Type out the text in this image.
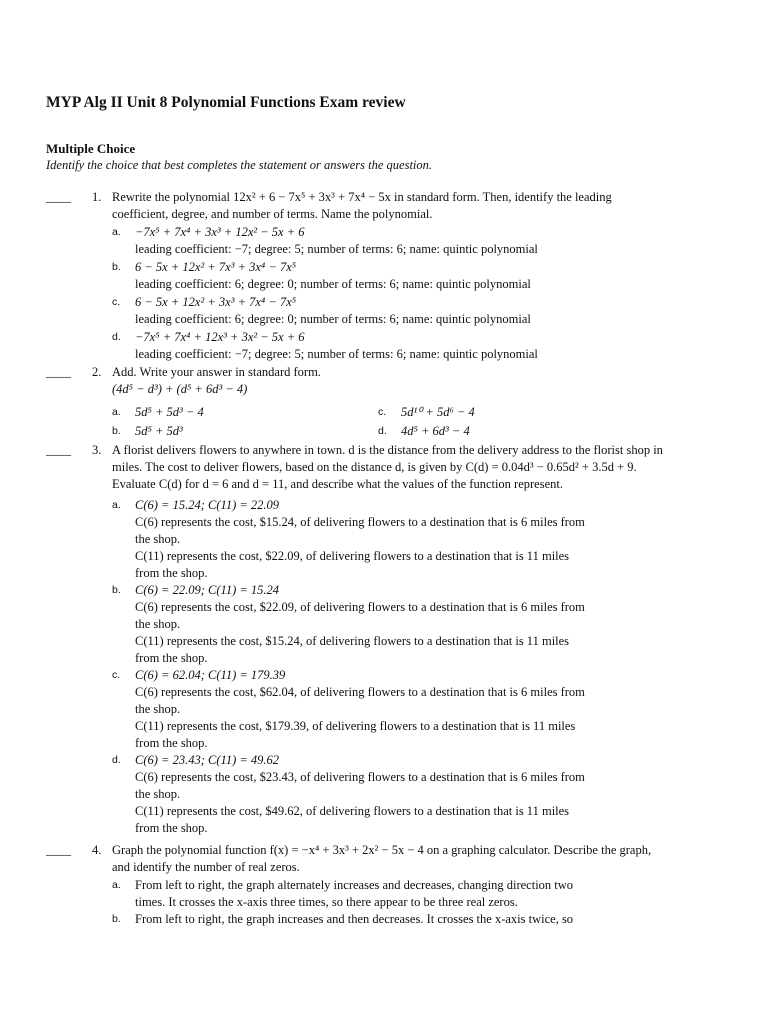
MYP Alg II Unit 8 Polynomial Functions Exam review
Multiple Choice
Identify the choice that best completes the statement or answers the question.
____ 1. Rewrite the polynomial 12x² + 6 − 7x⁵ + 3x³ + 7x⁴ − 5x in standard form. Then, identify the leading
coefficient, degree, and number of terms. Name the polynomial.
a. −7x⁵ + 7x⁴ + 3x³ + 12x² − 5x + 6
leading coefficient: −7; degree: 5; number of terms: 6; name: quintic polynomial
b. 6 − 5x + 12x² + 7x³ + 3x⁴ − 7x⁵
leading coefficient: 6; degree: 0; number of terms: 6; name: quintic polynomial
c. 6 − 5x + 12x² + 3x³ + 7x⁴ − 7x⁵
leading coefficient: 6; degree: 0; number of terms: 6; name: quintic polynomial
d. −7x⁵ + 7x⁴ + 12x³ + 3x² − 5x + 6
leading coefficient: −7; degree: 5; number of terms: 6; name: quintic polynomial
____ 2. Add. Write your answer in standard form.
(4d⁵ − d³) + (d⁵ + 6d³ − 4)
a. 5d⁵ + 5d³ − 4
b. 5d⁵ + 5d³
c. 5d¹⁰ + 5d⁶ − 4
d. 4d⁵ + 6d³ − 4
____ 3. A florist delivers flowers to anywhere in town. d is the distance from the delivery address to the florist shop in
miles. The cost to deliver flowers, based on the distance d, is given by C(d) = 0.04d³ − 0.65d² + 3.5d + 9.
Evaluate C(d) for d = 6 and d = 11, and describe what the values of the function represent.
a. C(6) = 15.24; C(11) = 22.09
C(6) represents the cost, $15.24, of delivering flowers to a destination that is 6 miles from
the shop.
C(11) represents the cost, $22.09, of delivering flowers to a destination that is 11 miles
from the shop.
b. C(6) = 22.09; C(11) = 15.24
C(6) represents the cost, $22.09, of delivering flowers to a destination that is 6 miles from
the shop.
C(11) represents the cost, $15.24, of delivering flowers to a destination that is 11 miles
from the shop.
c. C(6) = 62.04; C(11) = 179.39
C(6) represents the cost, $62.04, of delivering flowers to a destination that is 6 miles from
the shop.
C(11) represents the cost, $179.39, of delivering flowers to a destination that is 11 miles
from the shop.
d. C(6) = 23.43; C(11) = 49.62
C(6) represents the cost, $23.43, of delivering flowers to a destination that is 6 miles from
the shop.
C(11) represents the cost, $49.62, of delivering flowers to a destination that is 11 miles
from the shop.
____ 4. Graph the polynomial function f(x) = −x⁴ + 3x³ + 2x² − 5x − 4 on a graphing calculator. Describe the graph,
and identify the number of real zeros.
a. From left to right, the graph alternately increases and decreases, changing direction two
times. It crosses the x-axis three times, so there appear to be three real zeros.
b. From left to right, the graph increases and then decreases. It crosses the x-axis twice, so
